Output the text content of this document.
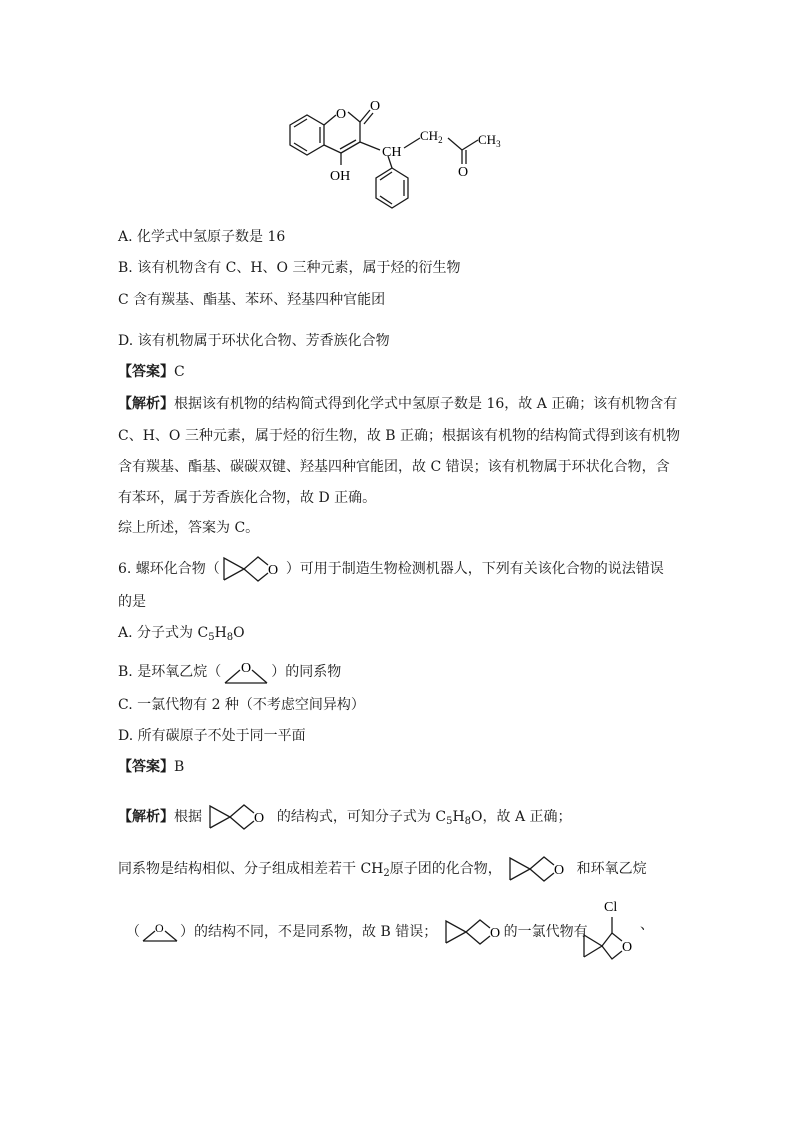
O
O
CH
$CH_2$
O
$CH_3$
OH
A. 化学式中氢原子数是 16
B. 该有机物含有 C、H、O 三种元素，属于烃的衍生物
C 含有羰基、酯基、苯环、羟基四种官能团
D. 该有机物属于环状化合物、芳香族化合物
【答案】C
【解析】根据该有机物的结构简式得到化学式中氢原子数是 16，故 A 正确；该有机物含有
C、H、O 三种元素，属于烃的衍生物，故 B 正确；根据该有机物的结构简式得到该有机物
含有羰基、酯基、碳碳双键、羟基四种官能团，故 C 错误；该有机物属于环状化合物，含
有苯环，属于芳香族化合物，故 D 正确。
综上所述，答案为 C。
6. 螺环化合物（	O ）可用于制造生物检测机器人，下列有关该化合物的说法错误
的是
A. 分子式为 $C_5H_8O$
B. 是环氧乙烷（ O ）的同系物
C. 一氯代物有 2 种（不考虑空间异构）
D. 所有碳原子不处于同一平面
【答案】B
【解析】根据	O 的结构式，可知分子式为 $C_5H_8O$，故 A 正确；
同系物是结构相似、分子组成相差若干 $CH_2$原子团的化合物，	O 和环氧乙烷
Cl
O
（ O ）的结构不同，不是同系物，故 B 错误；	O 的一氯代物有	、
